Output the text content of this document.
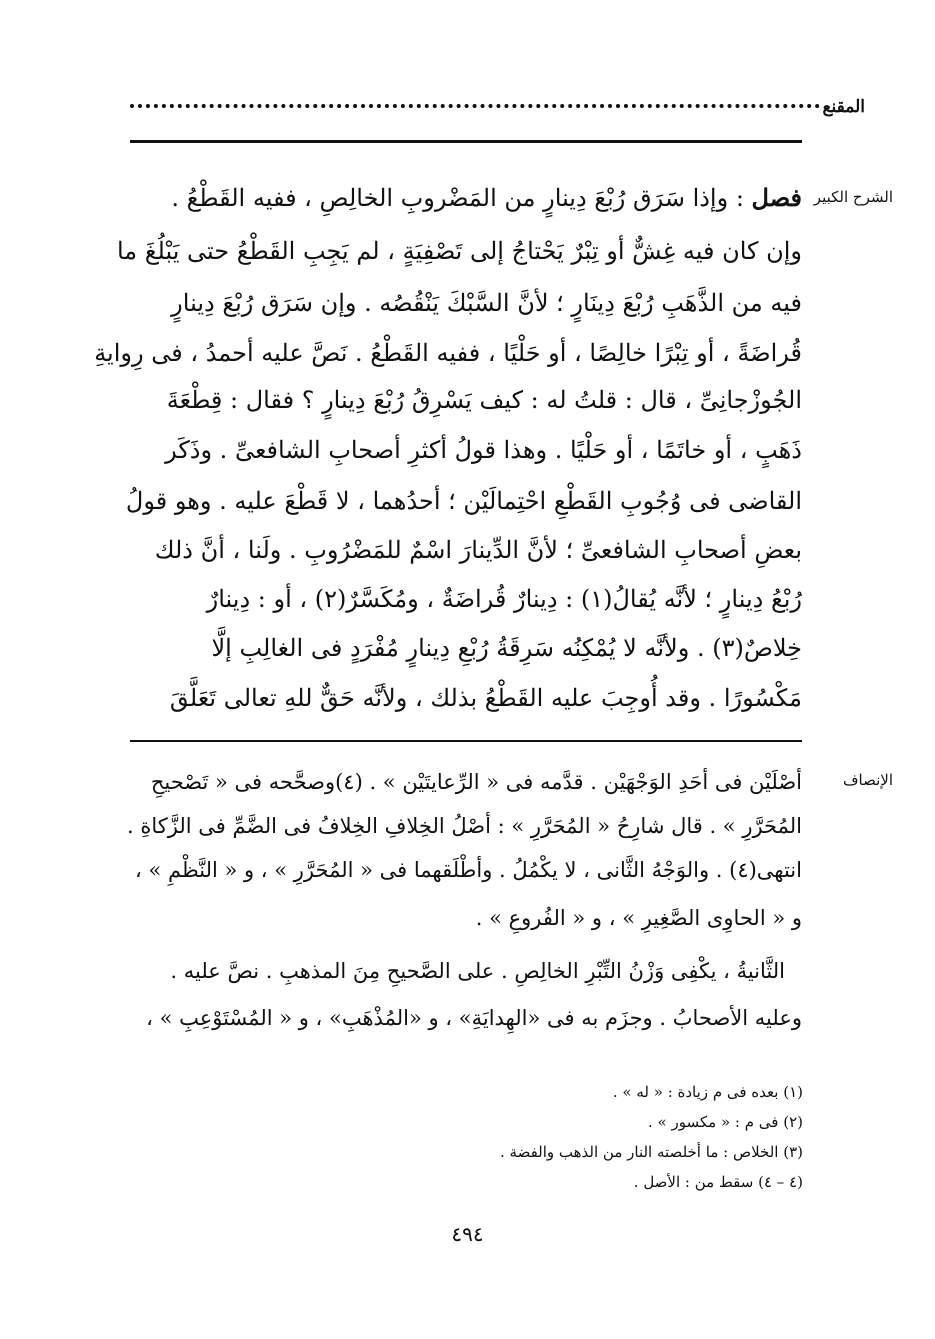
المقنع
الشرح الكبير
الإنصاف
فصل : وإذا سَرَق رُبْعَ دِينارٍ من المَضْروبِ الخالِصِ ، ففيه القَطْعُ .
وإن كان فيه غِشٌّ أو تِبْرٌ يَحْتاجُ إلى تَصْفِيَةٍ ، لم يَجِبِ القَطْعُ حتى يَبْلُغَ ما
فيه من الذَّهَبِ رُبْعَ دِينَارٍ ؛ لأنَّ السَّبْكَ يَنْقُصُه . وإن سَرَق رُبْعَ دِينارٍ
قُراضَةً ، أو تِبْرًا خالِصًا ، أو حَلْيًا ، ففيه القَطْعُ . نَصَّ عليه أحمدُ ، فى رِوايةِ
الجُوزْجانِىِّ ، قال : قلتُ له : كيف يَسْرِقُ رُبْعَ دِينارٍ ؟ فقال : قِطْعَةَ
ذَهَبٍ ، أو خاتَمًا ، أو حَلْيًا . وهذا قولُ أكثرِ أصحابِ الشافعىِّ . وذَكَر
القاضى فى وُجُوبِ القَطْعِ احْتِمالَيْن ؛ أحدُهما ، لا قَطْعَ عليه . وهو قولُ
بعضِ أصحابِ الشافعىِّ ؛ لأنَّ الدِّينارَ اسْمٌ للمَضْرُوبِ . ولَنا ، أنَّ ذلك
رُبْعُ دِينارٍ ؛ لأنَّه يُقالُ(١) : دِينارٌ قُراضَةٌ ، ومُكَسَّرٌ(٢) ، أو : دِينارٌ
خِلاصٌ(٣) . ولأنَّه لا يُمْكِنُه سَرِقَةُ رُبْعِ دِينارٍ مُفْرَدٍ فى الغالِبِ إلَّا
مَكْسُورًا . وقد أُوجِبَ عليه القَطْعُ بذلك ، ولأنَّه حَقٌّ للهِ تعالى تَعَلَّقَ
أصْلَيْن فى أحَدِ الوَجْهَيْن . قدَّمه فى « الرِّعايتَيْن » . (٤)وصحَّحه فى « تَصْحيحِ
المُحَرَّرِ » . قال شارِحُ « المُحَرَّرِ » : أصْلُ الخِلافِ الخِلافُ فى الضَّمِّ فى الزَّكاةِ .
انتهى(٤) . والوَجْهُ الثَّانى ، لا يكْمُلُ . وأطْلَقهما فى « المُحَرَّرِ » ، و « النَّظْمِ » ،
و « الحاوِى الصَّغِيرِ » ، و « الفُروعِ » .
الثَّانيةُ ، يكْفِى وَزْنُ التِّبْرِ الخالِصِ . على الصَّحيحِ مِنَ المذهبِ . نصَّ عليه .
وعليه الأصحابُ . وجزَم به فى «الهِدايَةِ» ، و «المُذْهَبِ» ، و « المُسْتَوْعِبِ » ،
(١) بعده فى م زيادة : « له » .
(٢) فى م : « مكسور » .
(٣) الخلاص : ما أخلصته النار من الذهب والفضة .
(٤ – ٤) سقط من : الأصل .
٤٩٤
